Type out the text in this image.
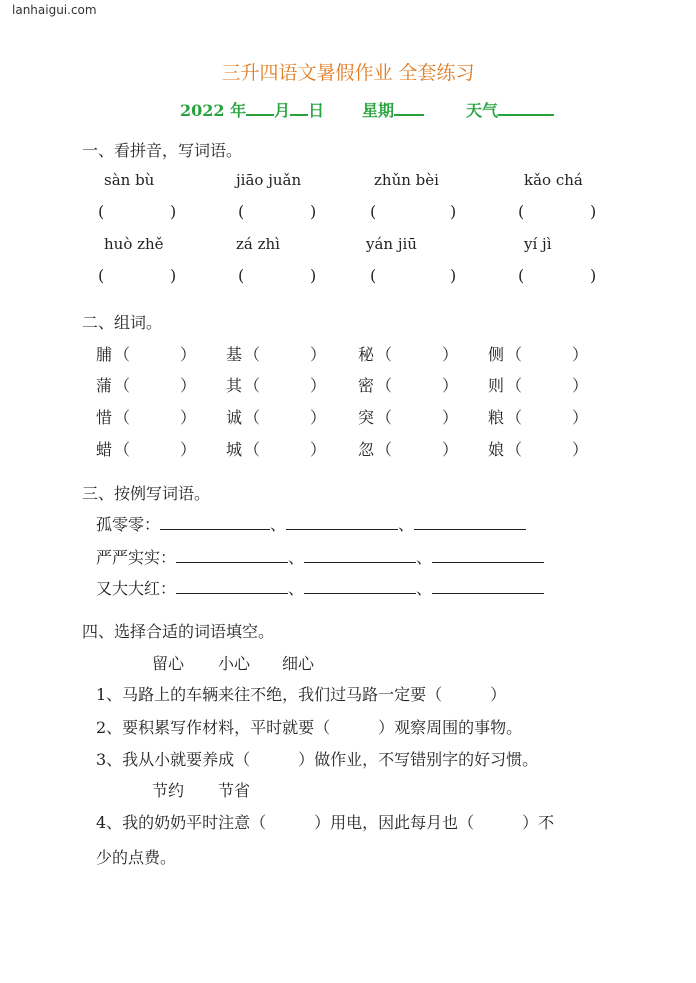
lanhaigui.com
三升四语文暑假作业 全套练习
2022 年 月 日 星期	天气
一、看拼音，写词语。
sàn bù	jiāo juǎn	zhǔn bèi	kǎo chá
(	)	(	)	(	)	(	)
huò zhě	zá zhì	yán jiū	yí jì
(	)	(	)	(	)	(	)
二、组词。
脯 （	） 基 （	） 秘 （	） 侧 （	）
蒲 （	） 其 （	） 密 （	） 则 （	）
惜 （	） 诚 （	） 突 （	） 粮 （	）
蜡 （	） 城 （	） 忽 （	） 娘 （	）
三、按例写词语。
孤零零：	、	、
严严实实：	、	、
又大大红：	、	、
四、选择合适的词语填空。
留心 小心 细心
1、马路上的车辆来往不绝，我们过马路一定要（　　　）
2、要积累写作材料，平时就要（　　　）观察周围的事物。
3、我从小就要养成（　　　）做作业，不写错别字的好习惯。
节约 节省
4、我的奶奶平时注意（　　　）用电，因此每月也（　　　）不
少的点费。
